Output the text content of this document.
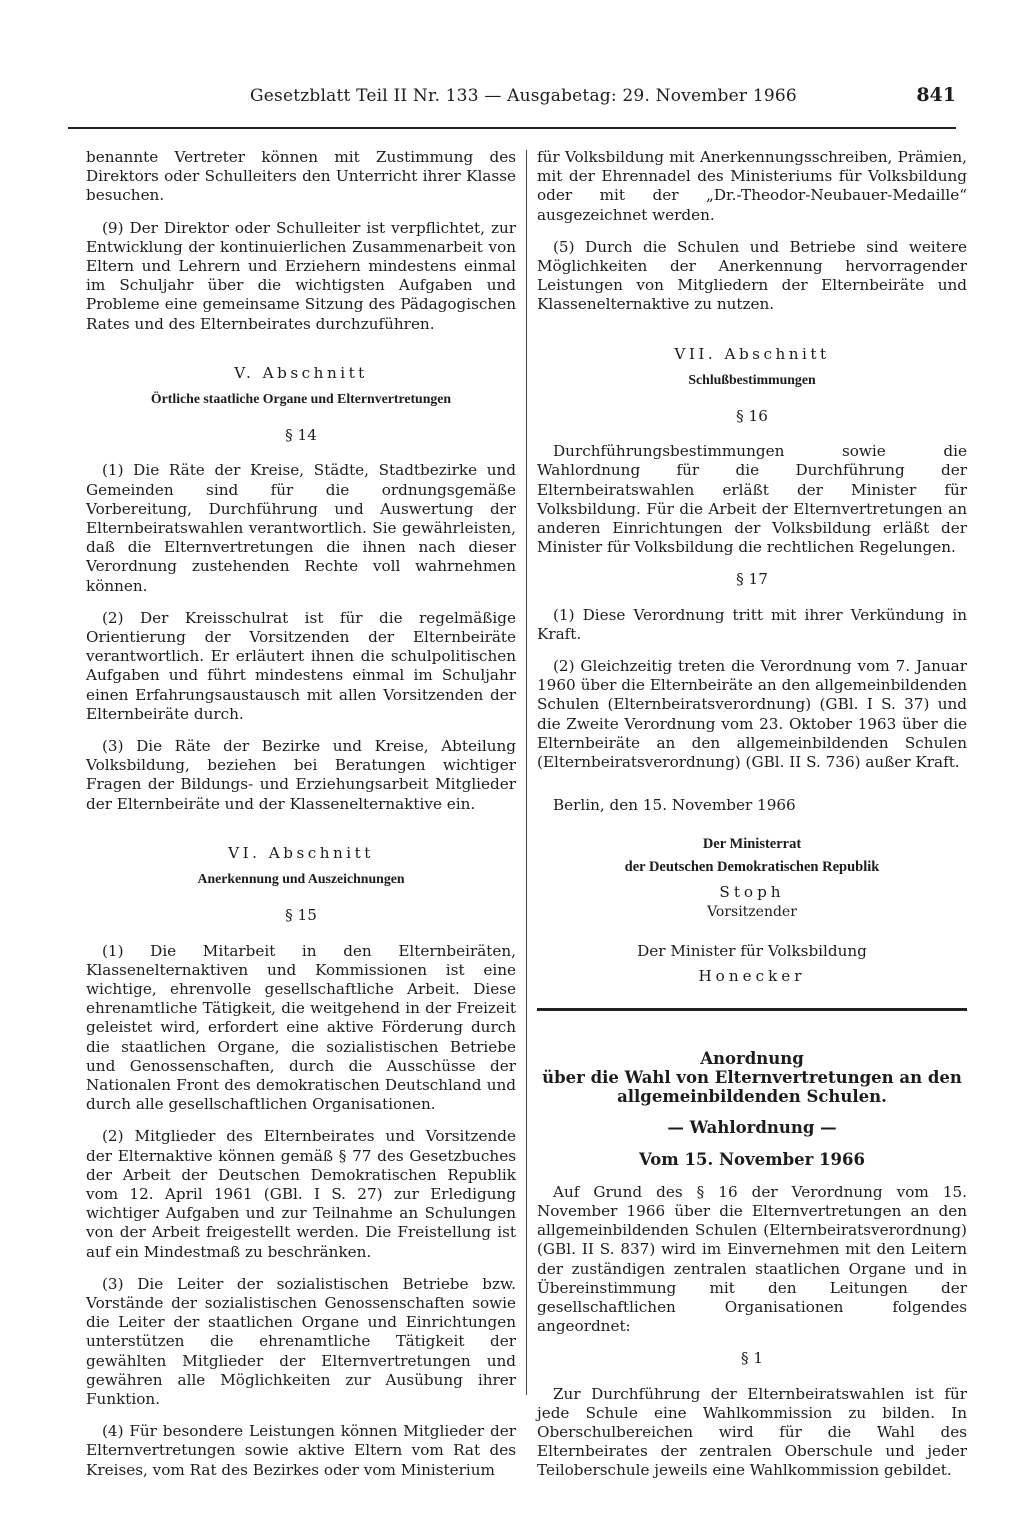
Gesetzblatt Teil II Nr. 133 — Ausgabetag: 29. November 1966	841

benannte Vertreter können mit Zustimmung des Direktors oder Schulleiters den Unterricht ihrer Klasse besuchen.

(9) Der Direktor oder Schulleiter ist verpflichtet, zur Entwicklung der kontinuierlichen Zusammenarbeit von Eltern und Lehrern und Erziehern mindestens einmal im Schuljahr über die wichtigsten Aufgaben und Probleme eine gemeinsame Sitzung des Pädagogischen Rates und des Elternbeirates durchzuführen.

V. Abschnitt
Örtliche staatliche Organe und Elternvertretungen
§ 14

(1) Die Räte der Kreise, Städte, Stadtbezirke und Gemeinden sind für die ordnungsgemäße Vorbereitung, Durchführung und Auswertung der Elternbeiratswahlen verantwortlich. Sie gewährleisten, daß die Elternvertretungen die ihnen nach dieser Verordnung zustehenden Rechte voll wahrnehmen können.

(2) Der Kreisschulrat ist für die regelmäßige Orientierung der Vorsitzenden der Elternbeiräte verantwortlich. Er erläutert ihnen die schulpolitischen Aufgaben und führt mindestens einmal im Schuljahr einen Erfahrungsaustausch mit allen Vorsitzenden der Elternbeiräte durch.

(3) Die Räte der Bezirke und Kreise, Abteilung Volksbildung, beziehen bei Beratungen wichtiger Fragen der Bildungs- und Erziehungsarbeit Mitglieder der Elternbeiräte und der Klassenelternaktive ein.

VI. Abschnitt
Anerkennung und Auszeichnungen
§ 15

(1) Die Mitarbeit in den Elternbeiräten, Klassenelternaktiven und Kommissionen ist eine wichtige, ehrenvolle gesellschaftliche Arbeit. Diese ehrenamtliche Tätigkeit, die weitgehend in der Freizeit geleistet wird, erfordert eine aktive Förderung durch die staatlichen Organe, die sozialistischen Betriebe und Genossenschaften, durch die Ausschüsse der Nationalen Front des demokratischen Deutschland und durch alle gesellschaftlichen Organisationen.

(2) Mitglieder des Elternbeirates und Vorsitzende der Elternaktive können gemäß § 77 des Gesetzbuches der Arbeit der Deutschen Demokratischen Republik vom 12. April 1961 (GBl. I S. 27) zur Erledigung wichtiger Aufgaben und zur Teilnahme an Schulungen von der Arbeit freigestellt werden. Die Freistellung ist auf ein Mindestmaß zu beschränken.

(3) Die Leiter der sozialistischen Betriebe bzw. Vorstände der sozialistischen Genossenschaften sowie die Leiter der staatlichen Organe und Einrichtungen unterstützen die ehrenamtliche Tätigkeit der gewählten Mitglieder der Elternvertretungen und gewähren alle Möglichkeiten zur Ausübung ihrer Funktion.

(4) Für besondere Leistungen können Mitglieder der Elternvertretungen sowie aktive Eltern vom Rat des Kreises, vom Rat des Bezirkes oder vom Ministerium

für Volksbildung mit Anerkennungsschreiben, Prämien, mit der Ehrennadel des Ministeriums für Volksbildung oder mit der „Dr.-Theodor-Neubauer-Medaille“ ausgezeichnet werden.

(5) Durch die Schulen und Betriebe sind weitere Möglichkeiten der Anerkennung hervorragender Leistungen von Mitgliedern der Elternbeiräte und Klassenelternaktive zu nutzen.

VII. Abschnitt
Schlußbestimmungen
§ 16

Durchführungsbestimmungen sowie die Wahlordnung für die Durchführung der Elternbeiratswahlen erläßt der Minister für Volksbildung. Für die Arbeit der Elternvertretungen an anderen Einrichtungen der Volksbildung erläßt der Minister für Volksbildung die rechtlichen Regelungen.

§ 17

(1) Diese Verordnung tritt mit ihrer Verkündung in Kraft.

(2) Gleichzeitig treten die Verordnung vom 7. Januar 1960 über die Elternbeiräte an den allgemeinbildenden Schulen (Elternbeiratsverordnung) (GBl. I S. 37) und die Zweite Verordnung vom 23. Oktober 1963 über die Elternbeiräte an den allgemeinbildenden Schulen (Elternbeiratsverordnung) (GBl. II S. 736) außer Kraft.

Berlin, den 15. November 1966

Der Ministerrat
der Deutschen Demokratischen Republik
Stoph
Vorsitzender
Der Minister für Volksbildung
Honecker
Anordnung
über die Wahl von Elternvertretungen an den
allgemeinbildenden Schulen.
— Wahlordnung —
Vom 15. November 1966

Auf Grund des § 16 der Verordnung vom 15. November 1966 über die Elternvertretungen an den allgemeinbildenden Schulen (Elternbeiratsverordnung) (GBl. II S. 837) wird im Einvernehmen mit den Leitern der zuständigen zentralen staatlichen Organe und in Übereinstimmung mit den Leitungen der gesellschaftlichen Organisationen folgendes angeordnet:

§ 1

Zur Durchführung der Elternbeiratswahlen ist für jede Schule eine Wahlkommission zu bilden. In Oberschulbereichen wird für die Wahl des Elternbeirates der zentralen Oberschule und jeder Teiloberschule jeweils eine Wahlkommission gebildet.
